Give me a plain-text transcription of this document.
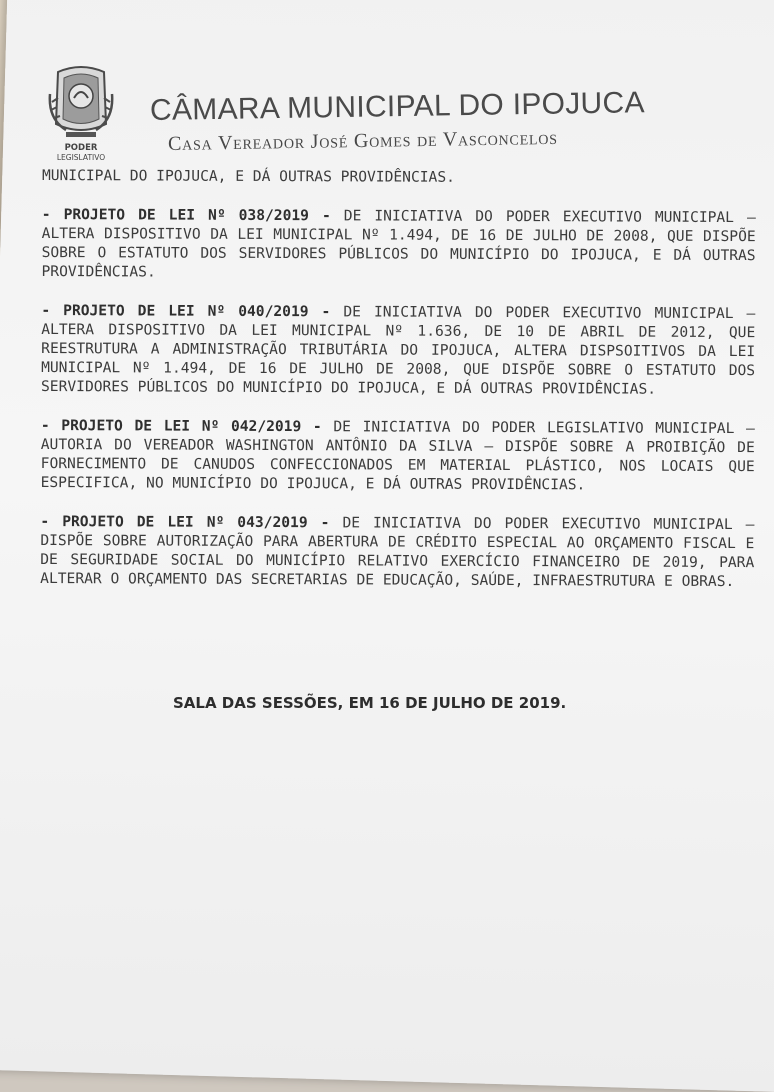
PODER
LEGISLATIVO
CÂMARA MUNICIPAL DO IPOJUCA
Casa Vereador José Gomes de Vasconcelos

MUNICIPAL DO IPOJUCA, E DÁ OUTRAS PROVIDÊNCIAS.

- PROJETO DE LEI Nº 038/2019 - DE INICIATIVA DO PODER EXECUTIVO MUNICIPAL – ALTERA DISPOSITIVO DA LEI MUNICIPAL Nº 1.494, DE 16 DE JULHO DE 2008, QUE DISPÕE SOBRE O ESTATUTO DOS SERVIDORES PÚBLICOS DO MUNICÍPIO DO IPOJUCA, E DÁ OUTRAS PROVIDÊNCIAS.

- PROJETO DE LEI Nº 040/2019 - DE INICIATIVA DO PODER EXECUTIVO MUNICIPAL – ALTERA DISPOSITIVO DA LEI MUNICIPAL Nº 1.636, DE 10 DE ABRIL DE 2012, QUE REESTRUTURA A ADMINISTRAÇÃO TRIBUTÁRIA DO IPOJUCA, ALTERA DISPSOITIVOS DA LEI MUNICIPAL Nº 1.494, DE 16 DE JULHO DE 2008, QUE DISPÕE SOBRE O ESTATUTO DOS SERVIDORES PÚBLICOS DO MUNICÍPIO DO IPOJUCA, E DÁ OUTRAS PROVIDÊNCIAS.

- PROJETO DE LEI Nº 042/2019 - DE INICIATIVA DO PODER LEGISLATIVO MUNICIPAL – AUTORIA DO VEREADOR WASHINGTON ANTÔNIO DA SILVA – DISPÕE SOBRE A PROIBIÇÃO DE FORNECIMENTO DE CANUDOS CONFECCIONADOS EM MATERIAL PLÁSTICO, NOS LOCAIS QUE ESPECIFICA, NO MUNICÍPIO DO IPOJUCA, E DÁ OUTRAS PROVIDÊNCIAS.

- PROJETO DE LEI Nº 043/2019 - DE INICIATIVA DO PODER EXECUTIVO MUNICIPAL – DISPÕE SOBRE AUTORIZAÇÃO PARA ABERTURA DE CRÉDITO ESPECIAL AO ORÇAMENTO FISCAL E DE SEGURIDADE SOCIAL DO MUNICÍPIO RELATIVO EXERCÍCIO FINANCEIRO DE 2019, PARA ALTERAR O ORÇAMENTO DAS SECRETARIAS DE EDUCAÇÃO, SAÚDE, INFRAESTRUTURA E OBRAS.

SALA DAS SESSÕES, EM 16 DE JULHO DE 2019.
